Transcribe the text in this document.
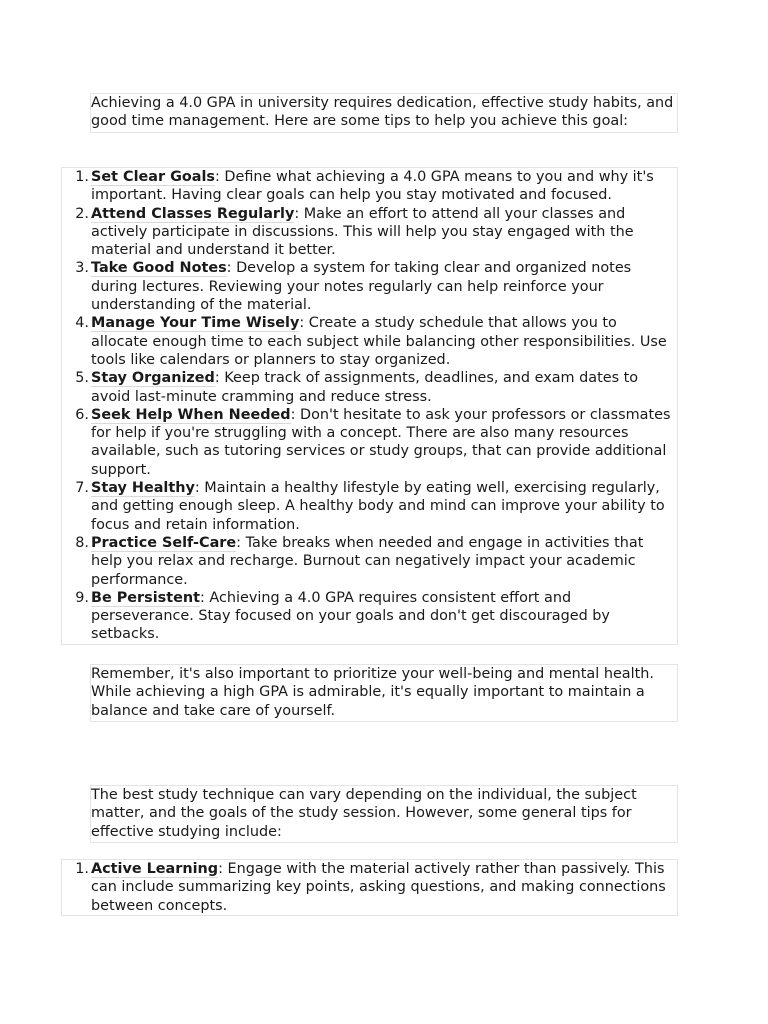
Achieving a 4.0 GPA in university requires dedication, effective study habits, and good time management. Here are some tips to help you achieve this goal:

1. Set Clear Goals: Define what achieving a 4.0 GPA means to you and why it's important. Having clear goals can help you stay motivated and focused.
2. Attend Classes Regularly: Make an effort to attend all your classes and actively participate in discussions. This will help you stay engaged with the material and understand it better.
3. Take Good Notes: Develop a system for taking clear and organized notes during lectures. Reviewing your notes regularly can help reinforce your understanding of the material.
4. Manage Your Time Wisely: Create a study schedule that allows you to allocate enough time to each subject while balancing other responsibilities. Use tools like calendars or planners to stay organized.
5. Stay Organized: Keep track of assignments, deadlines, and exam dates to avoid last-minute cramming and reduce stress.
6. Seek Help When Needed: Don't hesitate to ask your professors or classmates for help if you're struggling with a concept. There are also many resources available, such as tutoring services or study groups, that can provide additional support.
7. Stay Healthy: Maintain a healthy lifestyle by eating well, exercising regularly, and getting enough sleep. A healthy body and mind can improve your ability to focus and retain information.
8. Practice Self-Care: Take breaks when needed and engage in activities that help you relax and recharge. Burnout can negatively impact your academic performance.
9. Be Persistent: Achieving a 4.0 GPA requires consistent effort and perseverance. Stay focused on your goals and don't get discouraged by setbacks.

Remember, it's also important to prioritize your well-being and mental health. While achieving a high GPA is admirable, it's equally important to maintain a balance and take care of yourself.

The best study technique can vary depending on the individual, the subject matter, and the goals of the study session. However, some general tips for effective studying include:

1. Active Learning: Engage with the material actively rather than passively. This can include summarizing key points, asking questions, and making connections between concepts.
